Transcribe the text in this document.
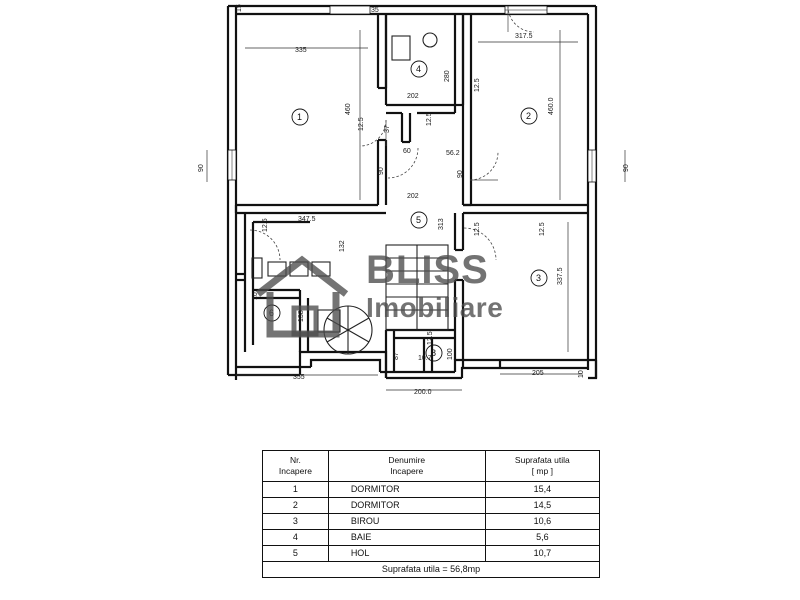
335
317.5
355
200.0
205
347.5
202
202
460	460.0
337.5
280
313
90	90
90	90
37
60	56.2
12.5
12.5
12.5
12.5	12.5
12.5
132
10
138
87	10.7 100
12.5
10
15	35
1	2
3
4
5
6
8
BLISS
Imobiliare
Nr.
Incapere

Denumire
Incapere

Suprafata utila
[ mp ]

1	DORMITOR	15,4
2	DORMITOR	14,5
3	BIROU	10,6
4	BAIE	5,6
5	HOL	10,7
Suprafata utila = 56,8mp		
